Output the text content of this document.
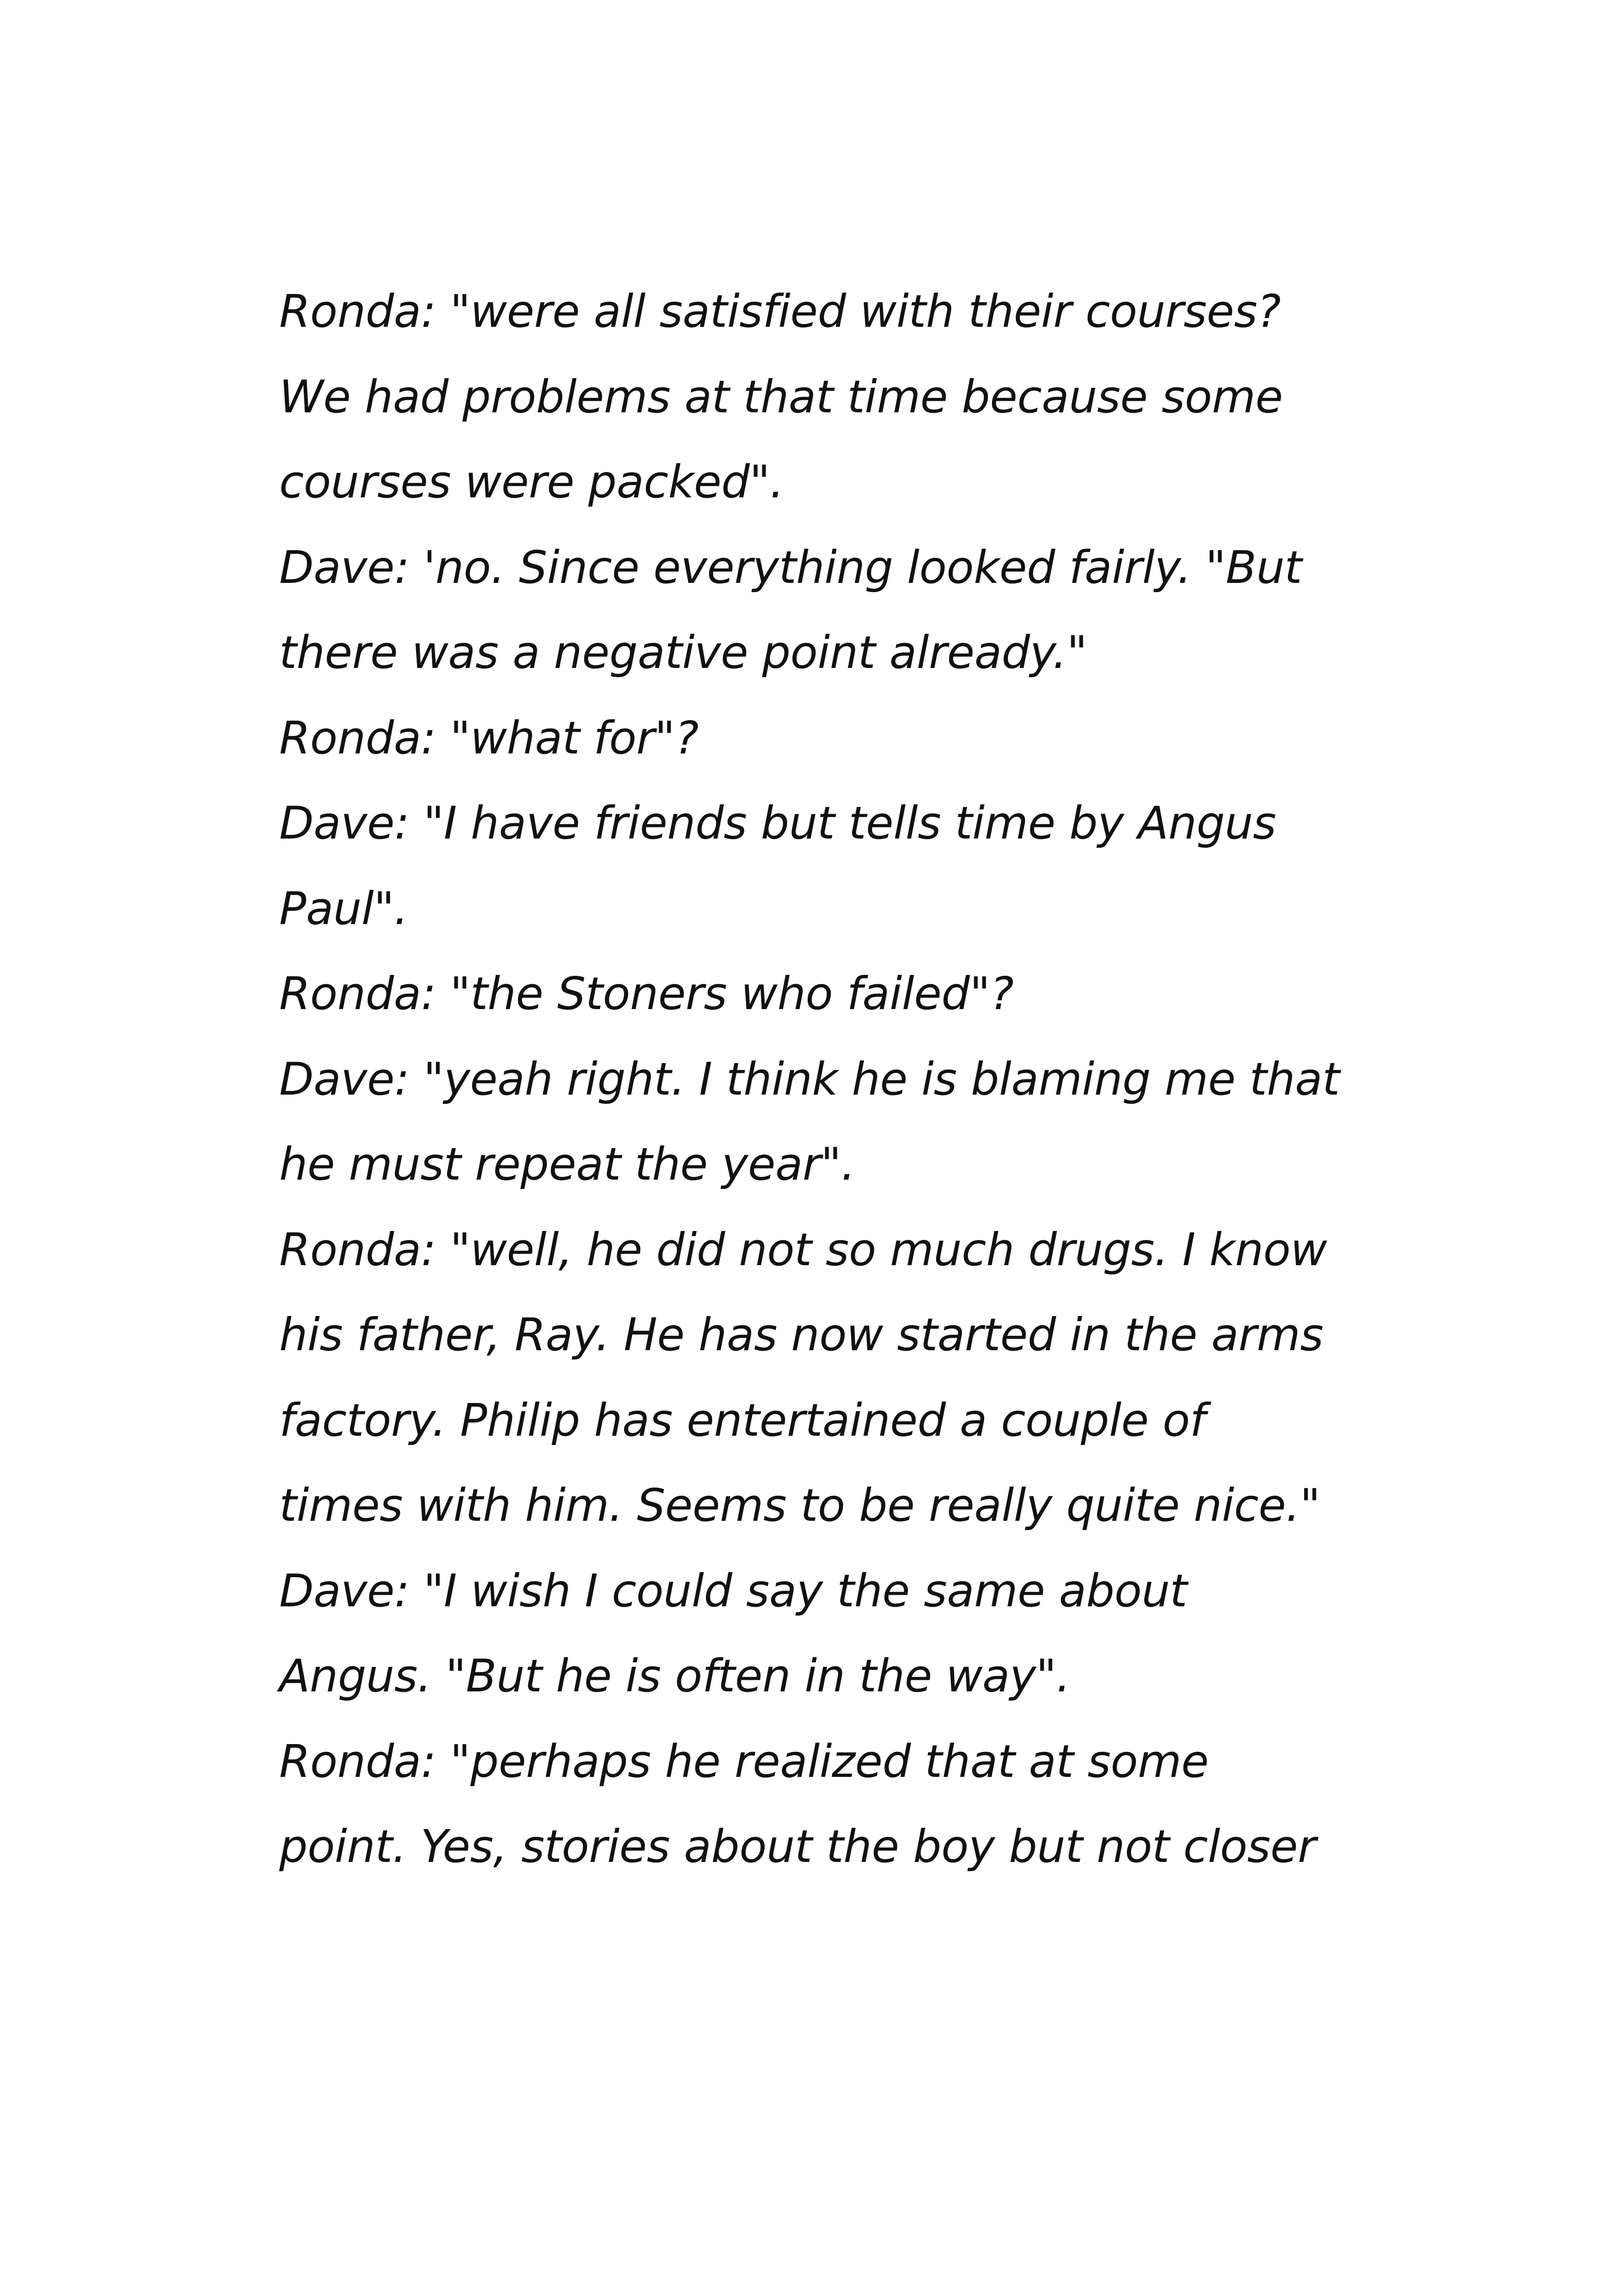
Ronda: "were all satisfied with their courses?
We had problems at that time because some
courses were packed".
Dave: 'no. Since everything looked fairly. "But
there was a negative point already."
Ronda: "what for"?
Dave: "I have friends but tells time by Angus
Paul".
Ronda: "the Stoners who failed"?
Dave: "yeah right. I think he is blaming me that
he must repeat the year".
Ronda: "well, he did not so much drugs. I know
his father, Ray. He has now started in the arms
factory. Philip has entertained a couple of
times with him. Seems to be really quite nice."
Dave: "I wish I could say the same about
Angus. "But he is often in the way".
Ronda: "perhaps he realized that at some
point. Yes, stories about the boy but not closer
